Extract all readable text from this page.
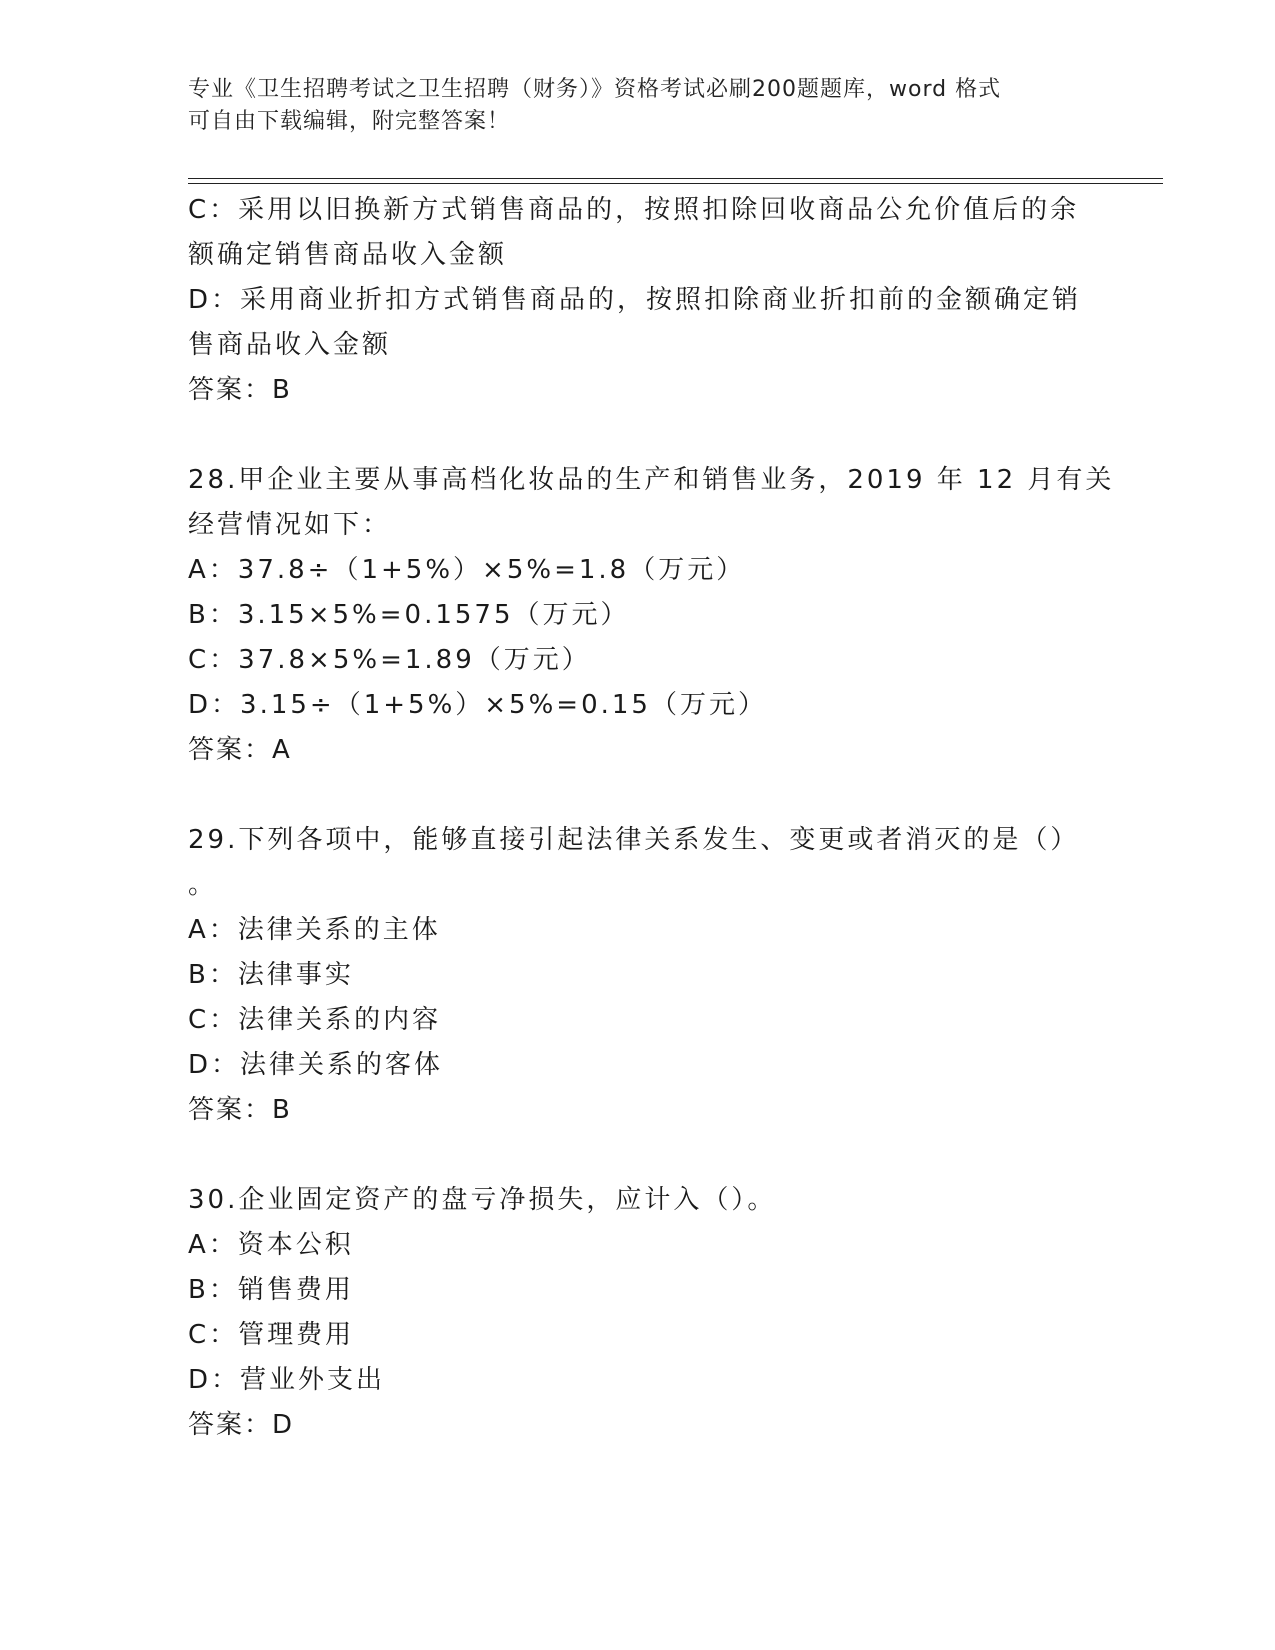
专业《卫生招聘考试之卫生招聘（财务）》资格考试必刷200题题库，word 格式
可自由下载编辑，附完整答案！
C：采用以旧换新方式销售商品的，按照扣除回收商品公允价值后的余
额确定销售商品收入金额
D：采用商业折扣方式销售商品的，按照扣除商业折扣前的金额确定销
售商品收入金额
答案：B
28.甲企业主要从事高档化妆品的生产和销售业务，2019 年 12 月有关
经营情况如下：
A：37.8÷（1+5%）×5%=1.8（万元）
B：3.15×5%=0.1575（万元）
C：37.8×5%=1.89（万元）
D：3.15÷（1+5%）×5%=0.15（万元）
答案：A
29.下列各项中，能够直接引起法律关系发生、变更或者消灭的是（）
。
A：法律关系的主体
B：法律事实
C：法律关系的内容
D：法律关系的客体
答案：B
30.企业固定资产的盘亏净损失，应计入（）。
A：资本公积
B：销售费用
C：管理费用
D：营业外支出
答案：D
